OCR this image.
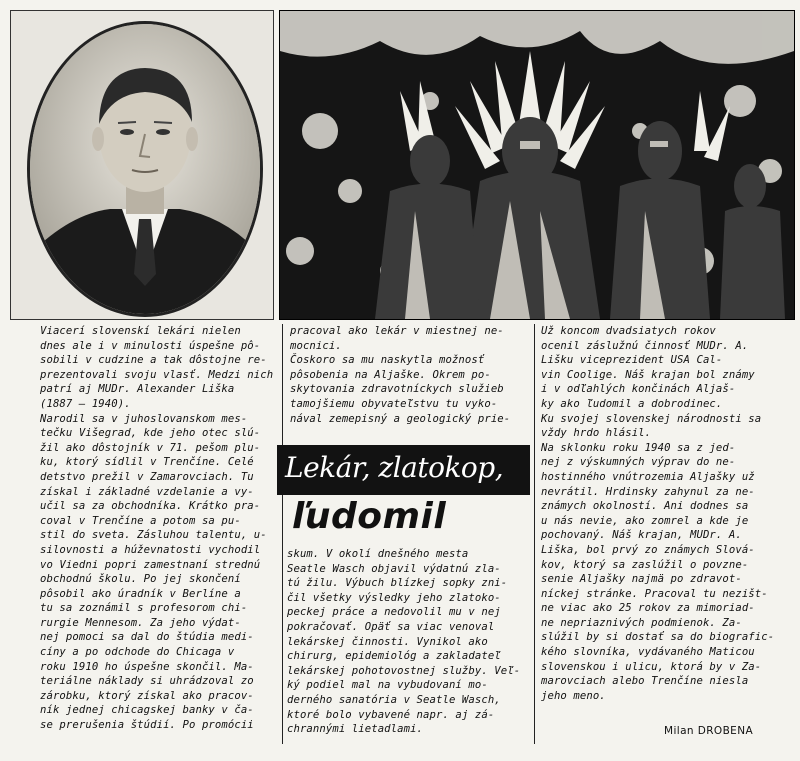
Viacerí slovenskí lekári nielen

dnes ale i v minulosti úspešne pô-

sobili v cudzine a tak dôstojne re-

prezentovali svoju vlasť. Medzi nich

patrí aj MUDr. Alexander Liška

(1887 — 1940).

Narodil sa v juhoslovanskom mes-

tečku Višegrad, kde jeho otec slú-

žil ako dôstojník v 71. pešom plu-

ku, ktorý sídlil v Trenčíne. Celé

detstvo prežil v Zamarovciach. Tu

získal i základné vzdelanie a vy-

učil sa za obchodníka. Krátko pra-

coval v Trenčíne a potom sa pu-

stil do sveta. Zásluhou talentu, u-

silovnosti a húževnatosti vychodil

vo Viedni popri zamestnaní strednú

obchodnú školu. Po jej skončení

pôsobil ako úradník v Berlíne a

tu sa zoznámil s profesorom chi-

rurgie Mennesom. Za jeho výdat-

nej pomoci sa dal do štúdia medi-

cíny a po odchode do Chicaga v

roku 1910 ho úspešne skončil. Ma-

teriálne náklady si uhrádzoval zo

zárobku, ktorý získal ako pracov-

ník jednej chicagskej banky v ča-

se prerušenia štúdií. Po promócii

pracoval ako lekár v miestnej ne-

mocnici.

Čoskoro sa mu naskytla možnosť

pôsobenia na Aljaške. Okrem po-

skytovania zdravotníckych služieb

tamojšiemu obyvateľstvu tu vyko-

nával zemepisný a geologický prie-

Lekár, zlatokop,
ľudomil

skum. V okolí dnešného mesta

Seatle Wasch objavil výdatnú zla-

tú žilu. Výbuch blízkej sopky zni-

čil všetky výsledky jeho zlatoko-

peckej práce a nedovolil mu v nej

pokračovať. Opäť sa viac venoval

lekárskej činnosti. Vynikol ako

chirurg, epidemiológ a zakladateľ

lekárskej pohotovostnej služby. Veľ-

ký podiel mal na vybudovaní mo-

derného sanatória v Seatle Wasch,

ktoré bolo vybavené napr. aj zá-

chrannými lietadlami.

Už koncom dvadsiatych rokov

ocenil záslužnú činnosť MUDr. A.

Lišku viceprezident USA Cal-

vin Coolige. Náš krajan bol známy

i v odľahlých končinách Aljaš-

ky ako ľudomil a dobrodinec.

Ku svojej slovenskej národnosti sa

vždy hrdo hlásil.

Na sklonku roku 1940 sa z jed-

nej z výskumných výprav do ne-

hostinného vnútrozemia Aljašky už

nevrátil. Hrdinsky zahynul za ne-

známych okolností. Ani dodnes sa

u nás nevie, ako zomrel a kde je

pochovaný. Náš krajan, MUDr. A.

Liška, bol prvý zo známych Slová-

kov, ktorý sa zaslúžil o povzne-

senie Aljašky najmä po zdravot-

níckej stránke. Pracoval tu nezišt-

ne viac ako 25 rokov za mimoriad-

ne nepriaznivých podmienok. Za-

slúžil by si dostať sa do biografic-

kého slovníka, vydávaného Maticou

slovenskou i ulicu, ktorá by v Za-

marovciach alebo Trenčíne niesla

jeho meno.

Milan DROBENA
